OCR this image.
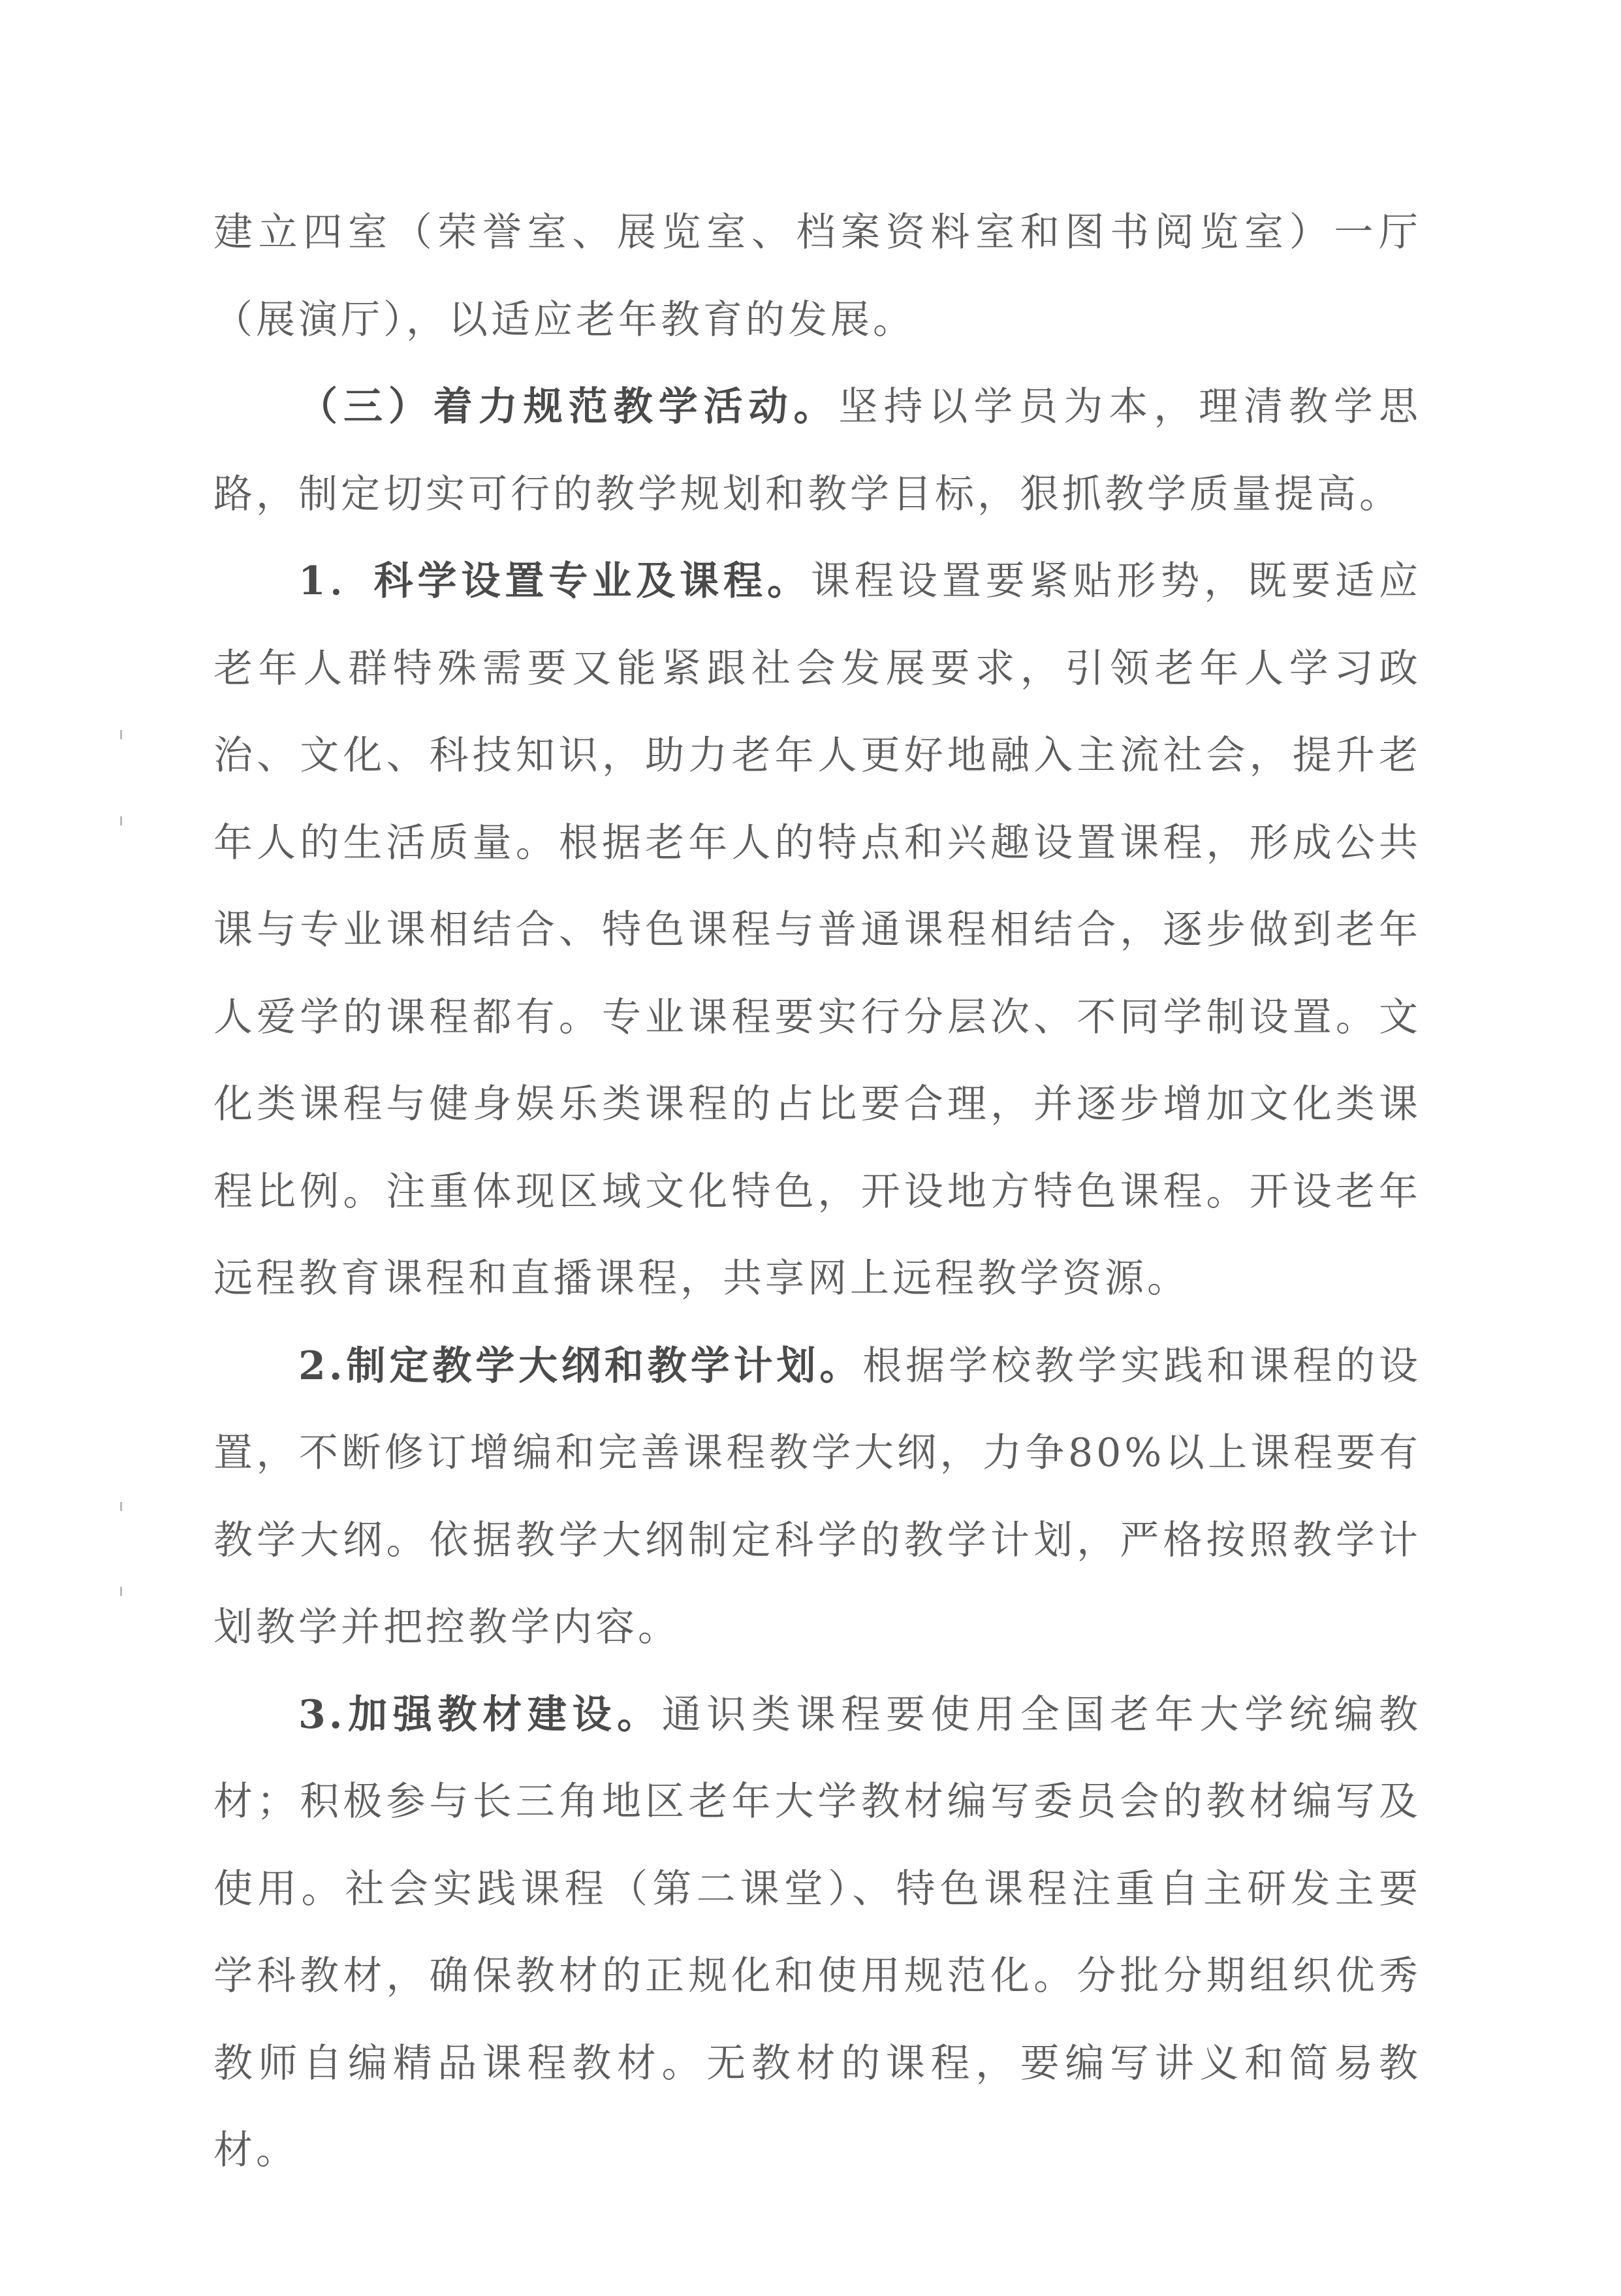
建立四室（荣誉室、展览室、档案资料室和图书阅览室）一厅（展演厅），以适应老年教育的发展。

（三）着力规范教学活动。坚持以学员为本，理清教学思路，制定切实可行的教学规划和教学目标，狠抓教学质量提高。

1．科学设置专业及课程。课程设置要紧贴形势，既要适应老年人群特殊需要又能紧跟社会发展要求，引领老年人学习政治、文化、科技知识，助力老年人更好地融入主流社会，提升老年人的生活质量。根据老年人的特点和兴趣设置课程，形成公共课与专业课相结合、特色课程与普通课程相结合，逐步做到老年人爱学的课程都有。专业课程要实行分层次、不同学制设置。文化类课程与健身娱乐类课程的占比要合理，并逐步增加文化类课程比例。注重体现区域文化特色，开设地方特色课程。开设老年远程教育课程和直播课程，共享网上远程教学资源。

2.制定教学大纲和教学计划。根据学校教学实践和课程的设置，不断修订增编和完善课程教学大纲，力争80%以上课程要有教学大纲。依据教学大纲制定科学的教学计划，严格按照教学计划教学并把控教学内容。

3.加强教材建设。通识类课程要使用全国老年大学统编教材；积极参与长三角地区老年大学教材编写委员会的教材编写及使用。社会实践课程（第二课堂）、特色课程注重自主研发主要学科教材，确保教材的正规化和使用规范化。分批分期组织优秀教师自编精品课程教材。无教材的课程，要编写讲义和简易教材。
